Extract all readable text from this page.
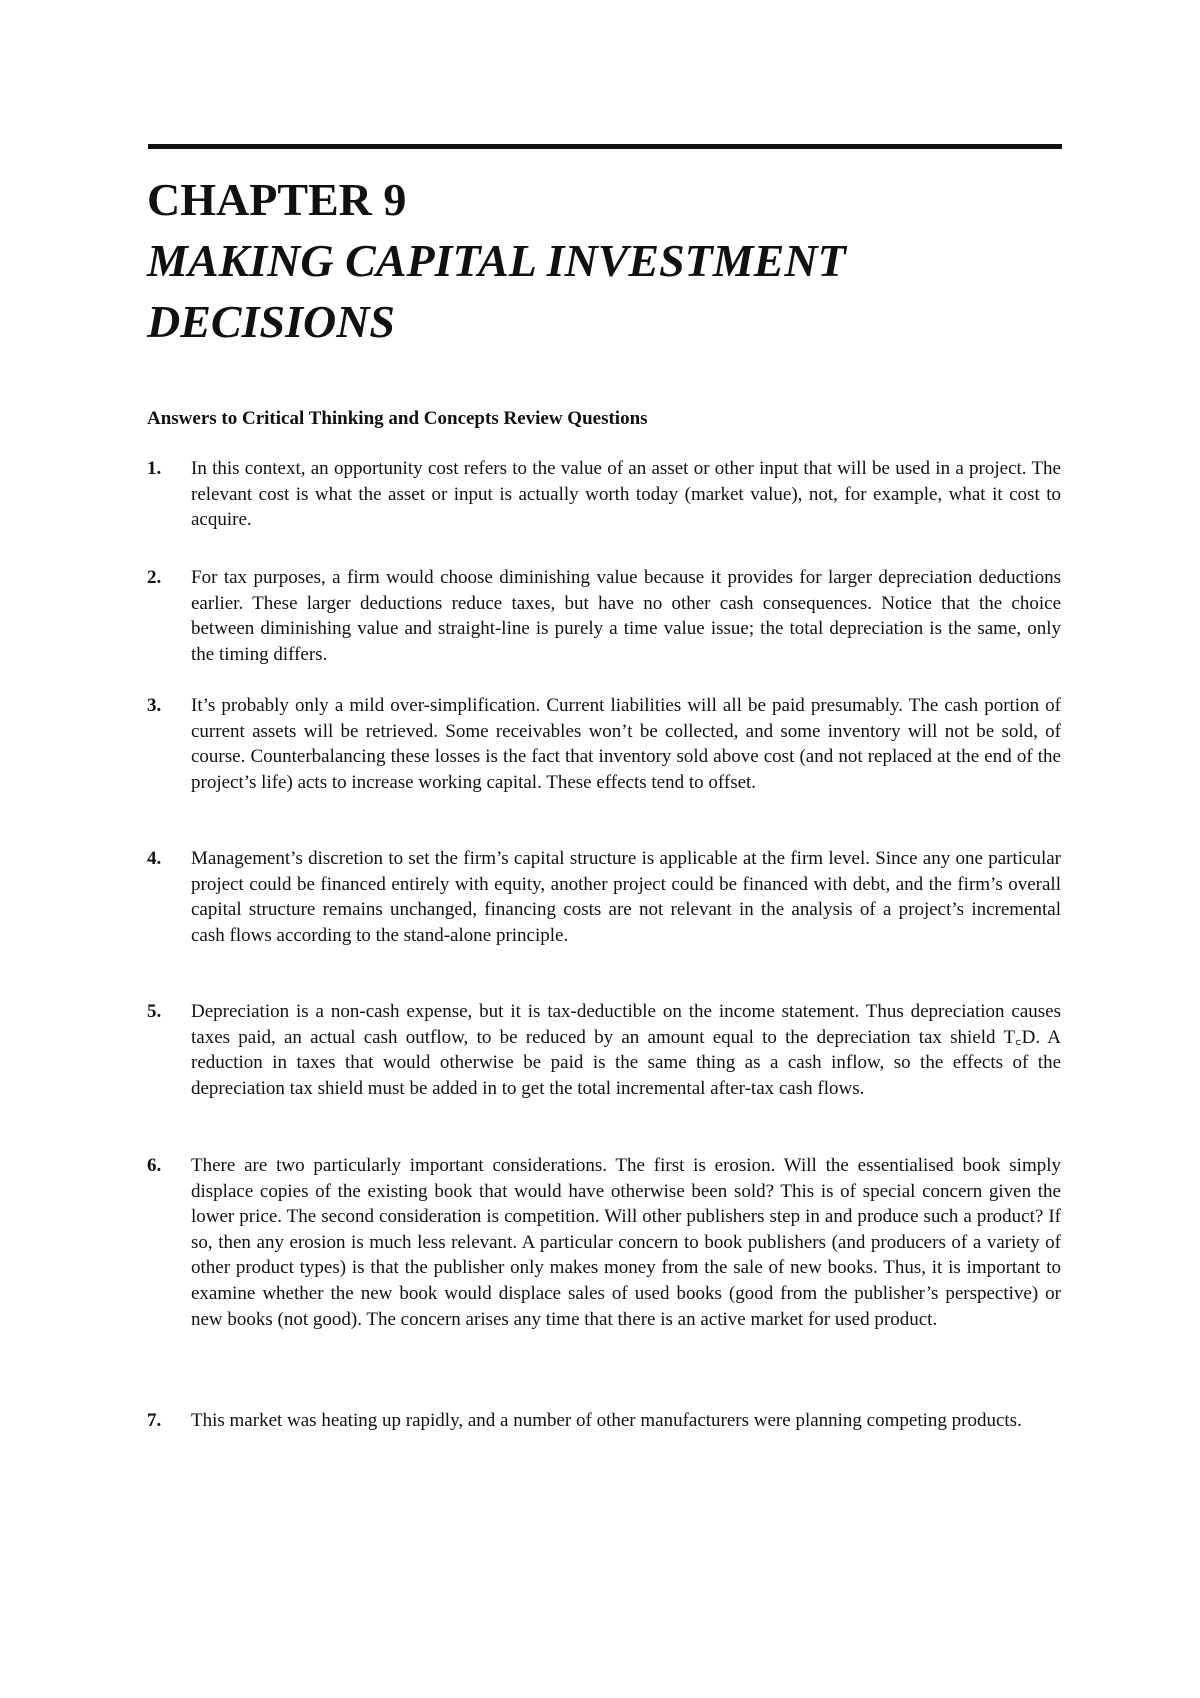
CHAPTER 9
MAKING CAPITAL INVESTMENT DECISIONS
Answers to Critical Thinking and Concepts Review Questions
1. In this context, an opportunity cost refers to the value of an asset or other input that will be used in a project. The relevant cost is what the asset or input is actually worth today (market value), not, for example, what it cost to acquire.
2. For tax purposes, a firm would choose diminishing value because it provides for larger depreciation deductions earlier. These larger deductions reduce taxes, but have no other cash consequences. Notice that the choice between diminishing value and straight-line is purely a time value issue; the total depreciation is the same, only the timing differs.
3. It’s probably only a mild over-simplification. Current liabilities will all be paid presumably. The cash portion of current assets will be retrieved. Some receivables won’t be collected, and some inventory will not be sold, of course. Counterbalancing these losses is the fact that inventory sold above cost (and not replaced at the end of the project’s life) acts to increase working capital. These effects tend to offset.
4. Management’s discretion to set the firm’s capital structure is applicable at the firm level. Since any one particular project could be financed entirely with equity, another project could be financed with debt, and the firm’s overall capital structure remains unchanged, financing costs are not relevant in the analysis of a project’s incremental cash flows according to the stand-alone principle.
5. Depreciation is a non-cash expense, but it is tax-deductible on the income statement. Thus depreciation causes taxes paid, an actual cash outflow, to be reduced by an amount equal to the depreciation tax shield T꜀D. A reduction in taxes that would otherwise be paid is the same thing as a cash inflow, so the effects of the depreciation tax shield must be added in to get the total incremental after-tax cash flows.
6. There are two particularly important considerations. The first is erosion. Will the essentialised book simply displace copies of the existing book that would have otherwise been sold? This is of special concern given the lower price. The second consideration is competition. Will other publishers step in and produce such a product? If so, then any erosion is much less relevant. A particular concern to book publishers (and producers of a variety of other product types) is that the publisher only makes money from the sale of new books. Thus, it is important to examine whether the new book would displace sales of used books (good from the publisher’s perspective) or new books (not good). The concern arises any time that there is an active market for used product.
7. This market was heating up rapidly, and a number of other manufacturers were planning competing products.
